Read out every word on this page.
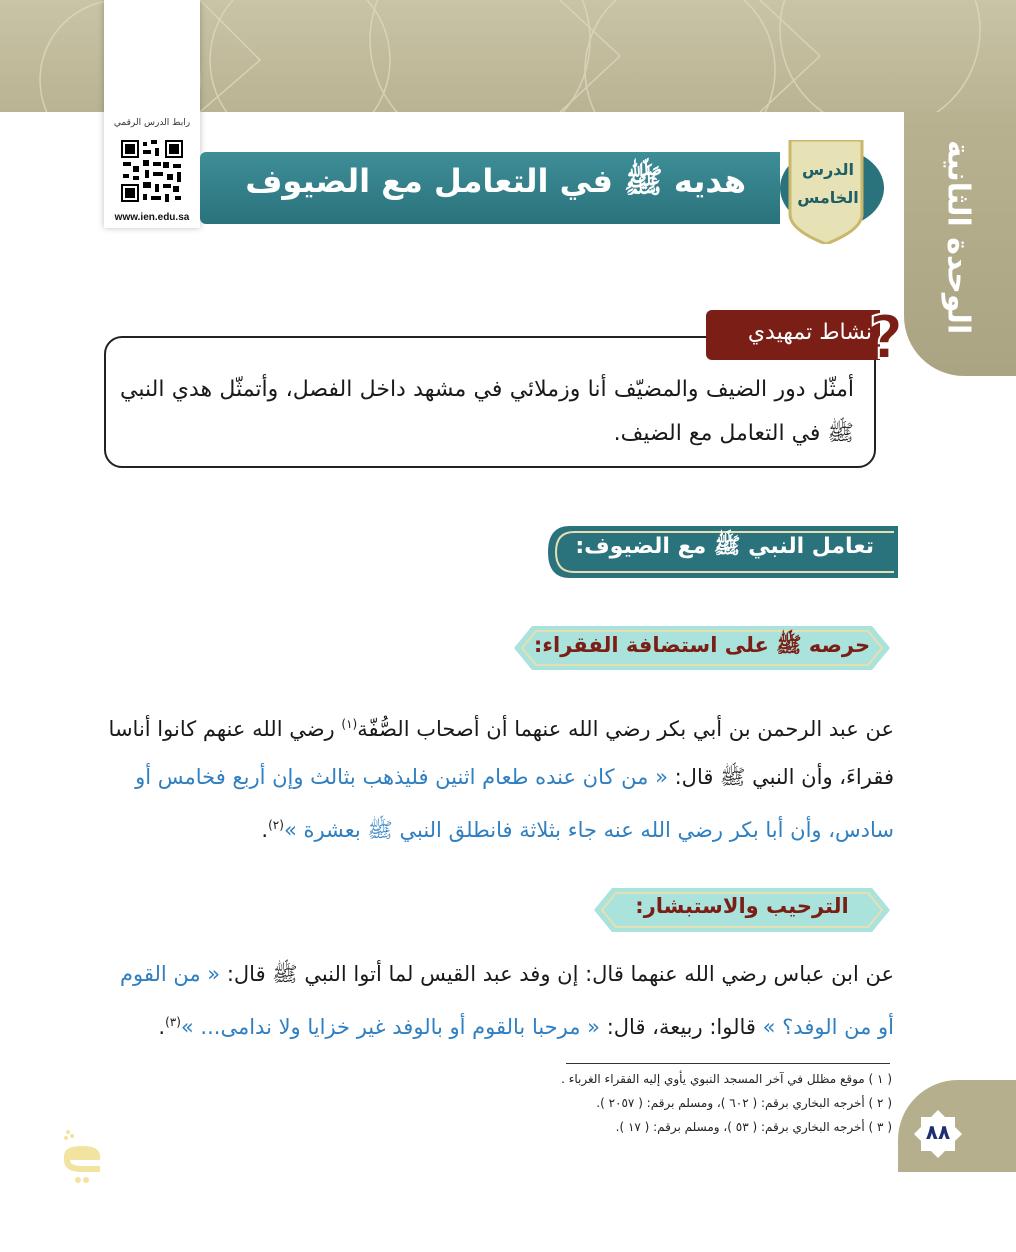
الوحدة الثانية
رابط الدرس الرقمي
www.ien.edu.sa
هديه ﷺ في التعامل مع الضيوف	الدرس
الخامس
أمثّل دور الضيف والمضيّف أنا وزملائي في مشهد داخل الفصل، وأتمثّل هدي النبي ﷺ في التعامل مع الضيف.
نشاط تمهيدي
?
تعامل النبي ﷺ مع الضيوف:
حرصه ﷺ على استضافة الفقراء:
عن عبد الرحمن بن أبي بكر رضي الله عنهما أن أصحاب الصُّفّة$^{(١)}$ رضي الله عنهم كانوا أناسا فقراءَ، وأن النبي ﷺ قال: « من كان عنده طعام اثنين فليذهب بثالث وإن أربع فخامس أو سادس، وأن أبا بكر رضي الله عنه جاء بثلاثة فانطلق النبي ﷺ بعشرة »$^{(٢)}$.
الترحيب والاستبشار:
عن ابن عباس رضي الله عنهما قال: إن وفد عبد القيس لما أتوا النبي ﷺ قال: « من القوم أو من الوفد؟ » قالوا: ربيعة، قال: « مرحبا بالقوم أو بالوفد غير خزايا ولا ندامى... »$^{(٣)}$.
( ١ ) موقع مظلل في آخر المسجد النبوي يأوي إليه الفقراء الغرباء .
( ٢ ) أخرجه البخاري برقم: ( ٦٠٢ )، ومسلم برقم: ( ٢٠٥٧ ).
( ٣ ) أخرجه البخاري برقم: ( ٥٣ )، ومسلم برقم: ( ١٧ ).	٨٨
